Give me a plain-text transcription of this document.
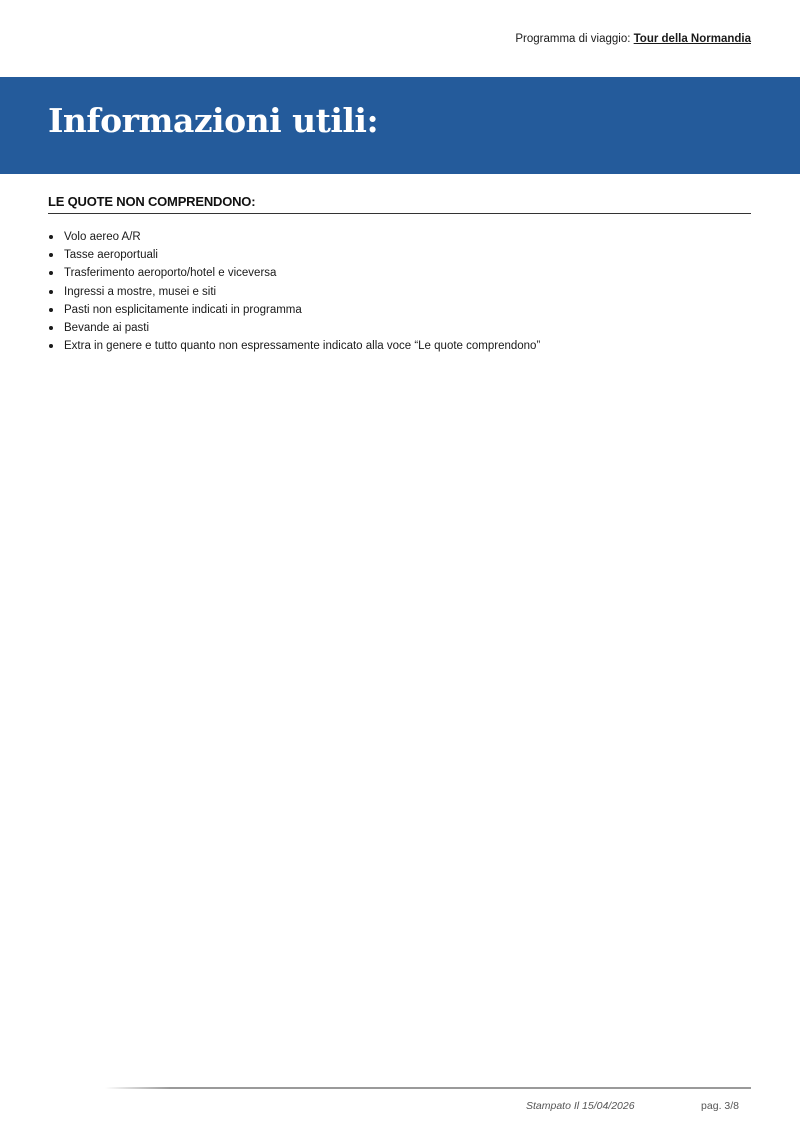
Programma di viaggio: Tour della Normandia
Informazioni utili:
LE QUOTE NON COMPRENDONO:
Volo aereo A/R
Tasse aeroportuali
Trasferimento aeroporto/hotel e viceversa
Ingressi a mostre, musei e siti
Pasti non esplicitamente indicati in programma
Bevande ai pasti
Extra in genere e tutto quanto non espressamente indicato alla voce “Le quote comprendono”
Stampato Il 15/04/2026	pag. 3/8
